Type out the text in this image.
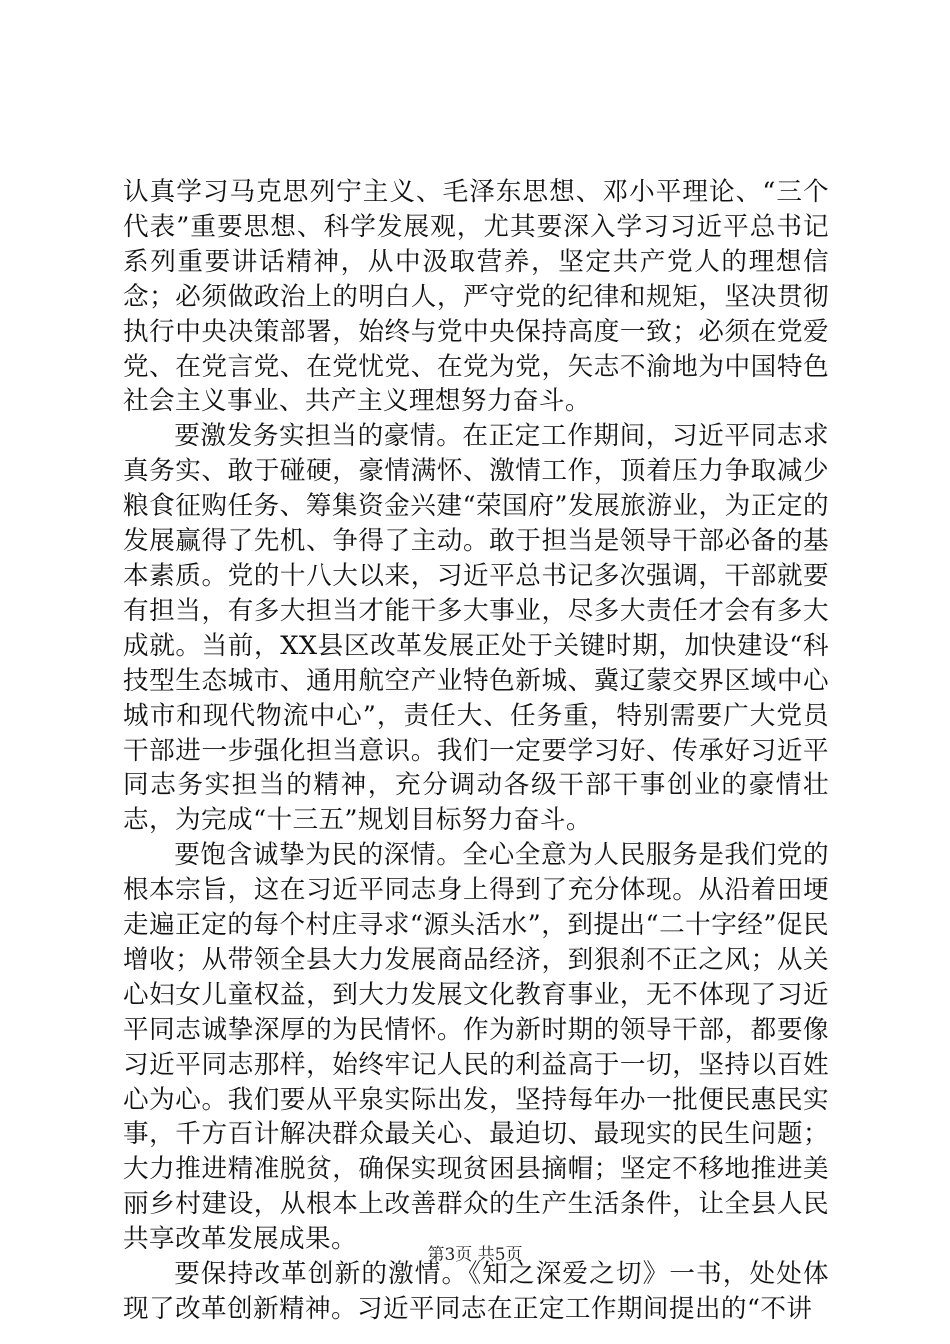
认真学习马克思列宁主义、毛泽东思想、邓小平理论、“三个代表”重要思想、科学发展观，尤其要深入学习习近平总书记系列重要讲话精神，从中汲取营养，坚定共产党人的理想信念；必须做政治上的明白人，严守党的纪律和规矩，坚决贯彻执行中央决策部署，始终与党中央保持高度一致；必须在党爱党、在党言党、在党忧党、在党为党，矢志不渝地为中国特色社会主义事业、共产主义理想努力奋斗。

要激发务实担当的豪情。在正定工作期间，习近平同志求真务实、敢于碰硬，豪情满怀、激情工作，顶着压力争取减少粮食征购任务、筹集资金兴建“荣国府”发展旅游业，为正定的发展赢得了先机、争得了主动。敢于担当是领导干部必备的基本素质。党的十八大以来，习近平总书记多次强调，干部就要有担当，有多大担当才能干多大事业，尽多大责任才会有多大成就。当前，XX县区改革发展正处于关键时期，加快建设“科技型生态城市、通用航空产业特色新城、冀辽蒙交界区域中心城市和现代物流中心”，责任大、任务重，特别需要广大党员干部进一步强化担当意识。我们一定要学习好、传承好习近平同志务实担当的精神，充分调动各级干部干事创业的豪情壮志，为完成“十三五”规划目标努力奋斗。

要饱含诚挚为民的深情。全心全意为人民服务是我们党的根本宗旨，这在习近平同志身上得到了充分体现。从沿着田埂走遍正定的每个村庄寻求“源头活水”，到提出“二十字经”促民增收；从带领全县大力发展商品经济，到狠刹不正之风；从关心妇女儿童权益，到大力发展文化教育事业，无不体现了习近平同志诚挚深厚的为民情怀。作为新时期的领导干部，都要像习近平同志那样，始终牢记人民的利益高于一切，坚持以百姓心为心。我们要从平泉实际出发，坚持每年办一批便民惠民实事，千方百计解决群众最关心、最迫切、最现实的民生问题；大力推进精准脱贫，确保实现贫困县摘帽；坚定不移地推进美丽乡村建设，从根本上改善群众的生产生活条件，让全县人民共享改革发展成果。

要保持改革创新的激情。《知之深爱之切》一书，处处体现了改革创新精神。习近平同志在正定工作期间提出的“不讲

第3页 共5页
